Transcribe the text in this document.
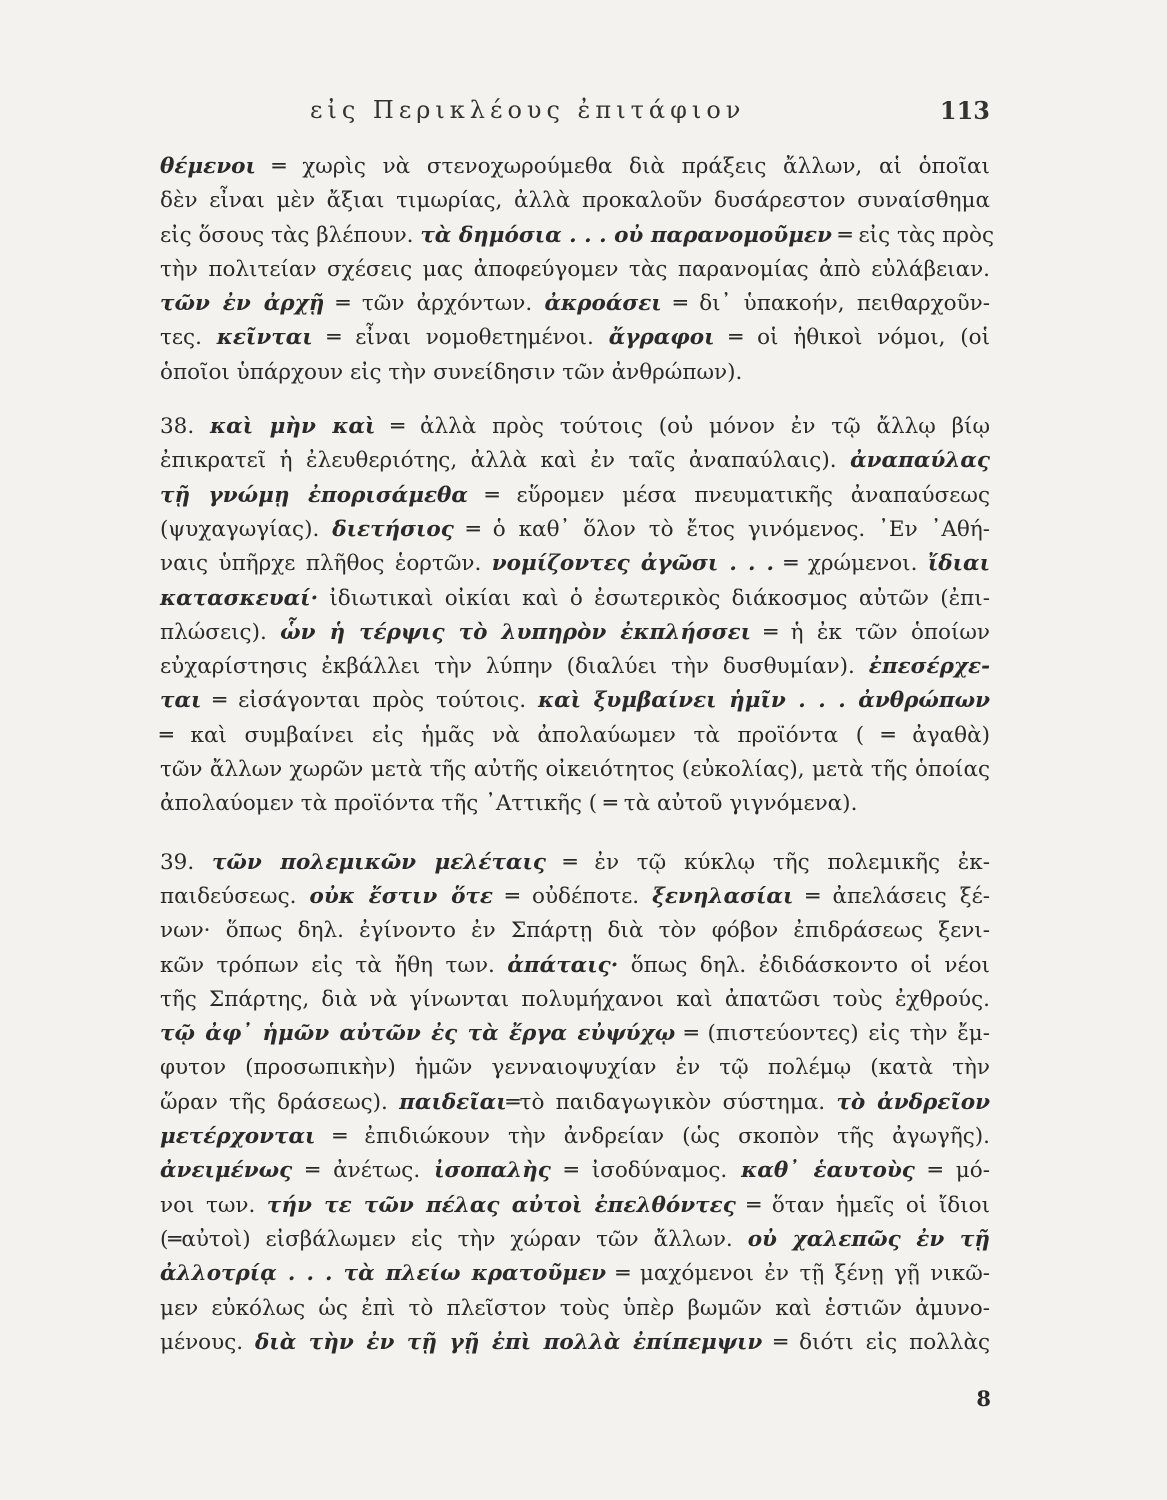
εἰς Περικλέους ἐπιτάφιον	113
θέμενοι ═ χωρὶς νὰ στενοχωρούμεθα διὰ πράξεις ἄλλων, αἱ ὁποῖαι
δὲν εἶναι μὲν ἄξιαι τιμωρίας, ἀλλὰ προκαλοῦν δυσάρεστον συναίσθημα
εἰς ὅσους τὰς βλέπουν. τὰ δημόσια . . . οὐ παρανομοῦμεν ═ εἰς τὰς πρὸς
τὴν πολιτείαν σχέσεις μας ἀποφεύγομεν τὰς παρανομίας ἀπὸ εὐλάβειαν.
τῶν ἐν ἀρχῇ ═ τῶν ἀρχόντων. ἀκροάσει ═ δι᾿ ὑπακοήν, πειθαρχοῦν-
τες. κεῖνται ═ εἶναι νομοθετημένοι. ἄγραφοι ═ οἱ ἠθικοὶ νόμοι, (οἱ
ὁποῖοι ὑπάρχουν εἰς τὴν συνείδησιν τῶν ἀνθρώπων).
38. καὶ μὴν καὶ ═ ἀλλὰ πρὸς τούτοις (οὐ μόνον ἐν τῷ ἄλλῳ βίῳ
ἐπικρατεῖ ἡ ἐλευθεριότης, ἀλλὰ καὶ ἐν ταῖς ἀναπαύλαις). ἀναπαύλας
τῇ γνώμῃ ἐπορισάμεθα ═ εὕρομεν μέσα πνευματικῆς ἀναπαύσεως
(ψυχαγωγίας). διετήσιος ═ ὁ καθ᾿ ὅλον τὸ ἔτος γινόμενος. ᾿Εν ᾿Αθή-
ναις ὑπῆρχε πλῆθος ἑορτῶν. νομίζοντες ἀγῶσι . . . ═ χρώμενοι. ἴδιαι
κατασκευαί· ἰδιωτικαὶ οἰκίαι καὶ ὁ ἐσωτερικὸς διάκοσμος αὐτῶν (ἐπι-
πλώσεις). ὧν ἡ τέρψις τὸ λυπηρὸν ἐκπλήσσει ═ ἡ ἐκ τῶν ὁποίων
εὐχαρίστησις ἐκβάλλει τὴν λύπην (διαλύει τὴν δυσθυμίαν). ἐπεσέρχε-
ται ═ εἰσάγονται πρὸς τούτοις. καὶ ξυμβαίνει ἡμῖν . . . ἀνθρώπων
═ καὶ συμβαίνει εἰς ἡμᾶς νὰ ἀπολαύωμεν τὰ προϊόντα ( ═ ἀγαθὰ)
τῶν ἄλλων χωρῶν μετὰ τῆς αὐτῆς οἰκειότητος (εὐκολίας), μετὰ τῆς ὁποίας
ἀπολαύομεν τὰ προϊόντα τῆς ᾿Αττικῆς ( ═ τὰ αὐτοῦ γιγνόμενα).
39. τῶν πολεμικῶν μελέταις ═ ἐν τῷ κύκλῳ τῆς πολεμικῆς ἐκ-
παιδεύσεως. οὐκ ἔστιν ὅτε ═ οὐδέποτε. ξενηλασίαι ═ ἀπελάσεις ξέ-
νων· ὅπως δηλ. ἐγίνοντο ἐν Σπάρτῃ διὰ τὸν φόβον ἐπιδράσεως ξενι-
κῶν τρόπων εἰς τὰ ἤθη των. ἀπάταις· ὅπως δηλ. ἐδιδάσκοντο οἱ νέοι
τῆς Σπάρτης, διὰ νὰ γίνωνται πολυμήχανοι καὶ ἀπατῶσι τοὺς ἐχθρούς.
τῷ ἀφ᾿ ἡμῶν αὐτῶν ἐς τὰ ἔργα εὐψύχῳ ═ (πιστεύοντες) εἰς τὴν ἔμ-
φυτον (προσωπικὴν) ἡμῶν γενναιοψυχίαν ἐν τῷ πολέμῳ (κατὰ τὴν
ὥραν τῆς δράσεως). παιδεῖαι═τὸ παιδαγωγικὸν σύστημα. τὸ ἀνδρεῖον
μετέρχονται ═ ἐπιδιώκουν τὴν ἀνδρείαν (ὡς σκοπὸν τῆς ἀγωγῆς).
ἀνειμένως ═ ἀνέτως. ἰσοπαλὴς ═ ἰσοδύναμος. καθ᾿ ἑαυτοὺς ═ μό-
νοι των. τήν τε τῶν πέλας αὐτοὶ ἐπελθόντες ═ ὅταν ἡμεῖς οἱ ἴδιοι
(═αὐτοὶ) εἰσβάλωμεν εἰς τὴν χώραν τῶν ἄλλων. οὐ χαλεπῶς ἐν τῇ
ἀλλοτρίᾳ . . . τὰ πλείω κρατοῦμεν ═ μαχόμενοι ἐν τῇ ξένῃ γῇ νικῶ-
μεν εὐκόλως ὡς ἐπὶ τὸ πλεῖστον τοὺς ὑπὲρ βωμῶν καὶ ἑστιῶν ἀμυνο-
μένους. διὰ τὴν ἐν τῇ γῇ ἐπὶ πολλὰ ἐπίπεμψιν ═ διότι εἰς πολλὰς
8
